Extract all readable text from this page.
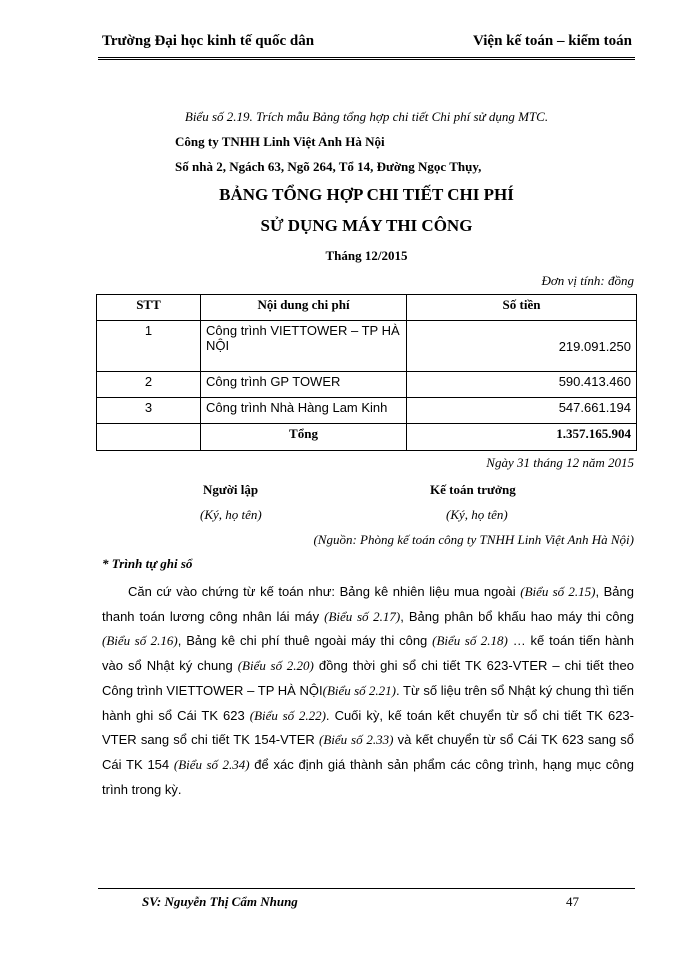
Trường Đại học kinh tế quốc dân	Viện kế toán – kiểm toán
Biểu số 2.19. Trích mẫu Bảng tổng hợp chi tiết Chi phí sử dụng MTC.
Công ty TNHH Linh Việt Anh Hà Nội
Số nhà 2, Ngách 63, Ngõ 264, Tổ 14, Đường Ngọc Thụy,
BẢNG TỔNG HỢP CHI TIẾT CHI PHÍ
SỬ DỤNG MÁY THI CÔNG
Tháng 12/2015
Đơn vị tính: đồng
STT	Nội dung chi phí	Số tiền
1	Công trình VIETTOWER – TP HÀ NỘI	219.091.250
2	Công trình GP TOWER	590.413.460
3	Công trình Nhà Hàng Lam Kinh	547.661.194
	Tổng	1.357.165.904
Ngày 31 tháng 12 năm 2015
Người lập	Kế toán trưởng
(Ký, họ tên)	(Ký, họ tên)
(Nguồn: Phòng kế toán công ty TNHH Linh Việt Anh Hà Nội)
* Trình tự ghi sổ
Căn cứ vào chứng từ kế toán như: Bảng kê nhiên liệu mua ngoài (Biểu số 2.15), Bảng thanh toán lương công nhân lái máy (Biểu số 2.17), Bảng phân bổ khấu hao máy thi công (Biểu số 2.16), Bảng kê chi phí thuê ngoài máy thi công (Biểu số 2.18) … kế toán tiến hành vào sổ Nhật ký chung (Biểu số 2.20) đồng thời ghi sổ chi tiết TK 623-VTER – chi tiết theo Công trình VIETTOWER – TP HÀ NỘI(Biểu số 2.21). Từ số liệu trên sổ Nhật ký chung thì tiến hành ghi sổ Cái TK 623 (Biểu số 2.22). Cuối kỳ, kế toán kết chuyển từ sổ chi tiết TK 623-VTER sang sổ chi tiết TK 154-VTER (Biểu số 2.33) và kết chuyển từ sổ Cái TK 623 sang sổ Cái TK 154 (Biểu số 2.34) để xác định giá thành sản phẩm các công trình, hạng mục công trình trong kỳ.
SV: Nguyễn Thị Cẩm Nhung	47
